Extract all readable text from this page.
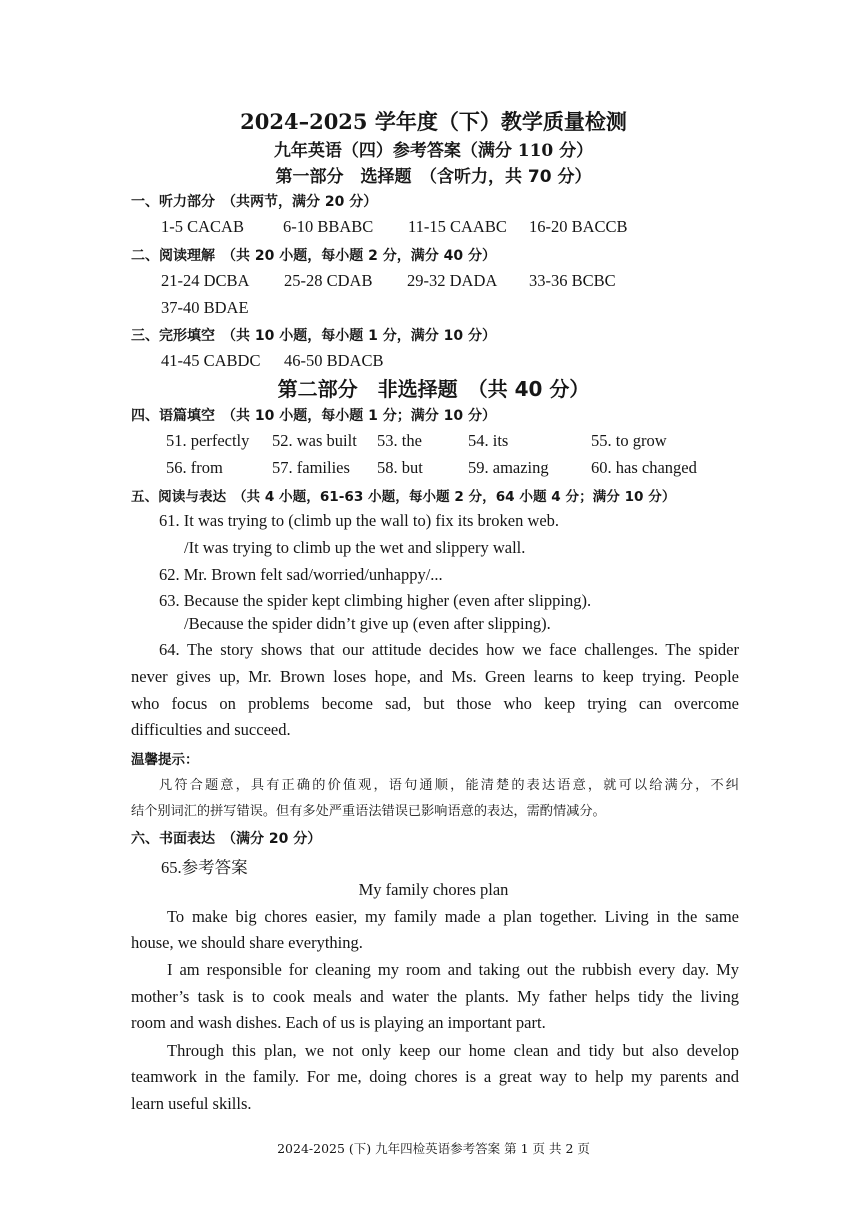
2024–2025 学年度（下）教学质量检测
九年英语（四）参考答案（满分 110 分）
第一部分　选择题　（含听力，共 70 分）
一、听力部分　（共两节，满分 20 分）
1-5 CACAB 6-10 BBABC 11-15 CAABC 16-20 BACCB
二、阅读理解　（共 20 小题，每小题 2 分，满分 40 分）
21-24 DCBA 25-28 CDAB 29-32 DADA 33-36 BCBC
37-40 BDAE
三、完形填空　（共 10 小题，每小题 1 分，满分 10 分）
41-45 CABDC 46-50 BDACB
第二部分　非选择题　（共 40 分）
四、语篇填空　（共 10 小题，每小题 1 分；满分 10 分）
51. perfectly 52. was built 53. the	54. its	55. to grow
56. from	57. families 58. but	59. amazing	60. has changed
五、阅读与表达　（共 4 小题，61-63 小题，每小题 2 分，64 小题 4 分；满分 10 分）
61. It was trying to (climb up the wall to) fix its broken web.
/It was trying to climb up the wet and slippery wall.
62. Mr. Brown felt sad/worried/unhappy/...
63. Because the spider kept climbing higher (even after slipping).
/Because the spider didn’t give up (even after slipping).
64. The story shows that our attitude decides how we face challenges. The spider
never gives up, Mr. Brown loses hope, and Ms. Green learns to keep trying. People
who focus on problems become sad, but those who keep trying can overcome
difficulties and succeed.
温馨提示：
凡符合题意，具有正确的价值观，语句通顺，能清楚的表达语意，就可以给满分，不纠
结个别词汇的拼写错误。但有多处严重语法错误已影响语意的表达，需酌情减分。
六、书面表达　（满分 20 分）
65.参考答案
My family chores plan
To make big chores easier, my family made a plan together. Living in the same
house, we should share everything.
I am responsible for cleaning my room and taking out the rubbish every day. My
mother’s task is to cook meals and water the plants. My father helps tidy the living
room and wash dishes. Each of us is playing an important part.
Through this plan, we not only keep our home clean and tidy but also develop
teamwork in the family. For me, doing chores is a great way to help my parents and
learn useful skills.
2024-2025 (下) 九年四检英语参考答案 第 1 页 共 2 页
